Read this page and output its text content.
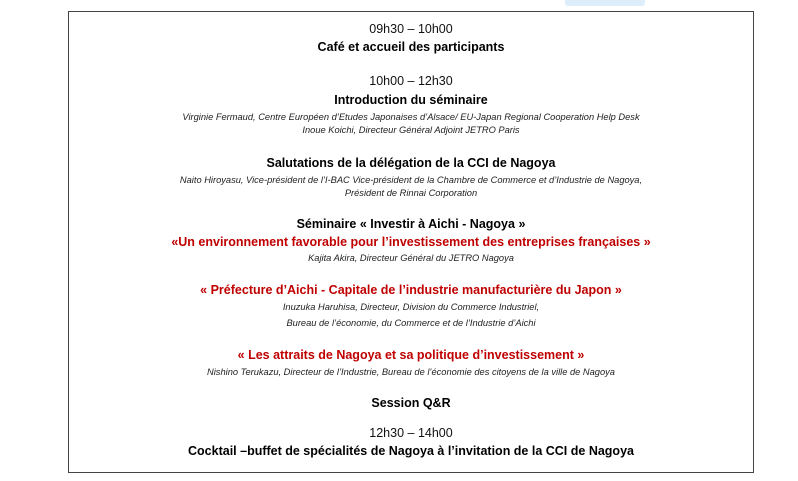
09h30 – 10h00
Café et accueil des participants
10h00 – 12h30
Introduction du séminaire
Virginie Fermaud, Centre Européen d’Etudes Japonaises d’Alsace/ EU-Japan Regional Cooperation Help Desk
Inoue Koichi, Directeur Général Adjoint JETRO Paris
Salutations de la délégation de la CCI de Nagoya
Naito Hiroyasu, Vice-président de l’I-BAC Vice-président de la Chambre de Commerce et d’Industrie de Nagoya,
Président de Rinnai Corporation
Séminaire « Investir à Aichi - Nagoya »
«Un environnement favorable pour l’investissement des entreprises françaises »
Kajita Akira, Directeur Général du JETRO Nagoya
« Préfecture d’Aichi - Capitale de l’industrie manufacturière du Japon »
Inuzuka Haruhisa, Directeur, Division du Commerce Industriel,
Bureau de l’économie, du Commerce et de l’Industrie d’Aichi
« Les attraits de Nagoya et sa politique d’investissement »
Nishino Terukazu, Directeur de l’Industrie, Bureau de l’économie des citoyens de la ville de Nagoya
Session Q&R
12h30 – 14h00
Cocktail –buffet de spécialités de Nagoya à l’invitation de la CCI de Nagoya
